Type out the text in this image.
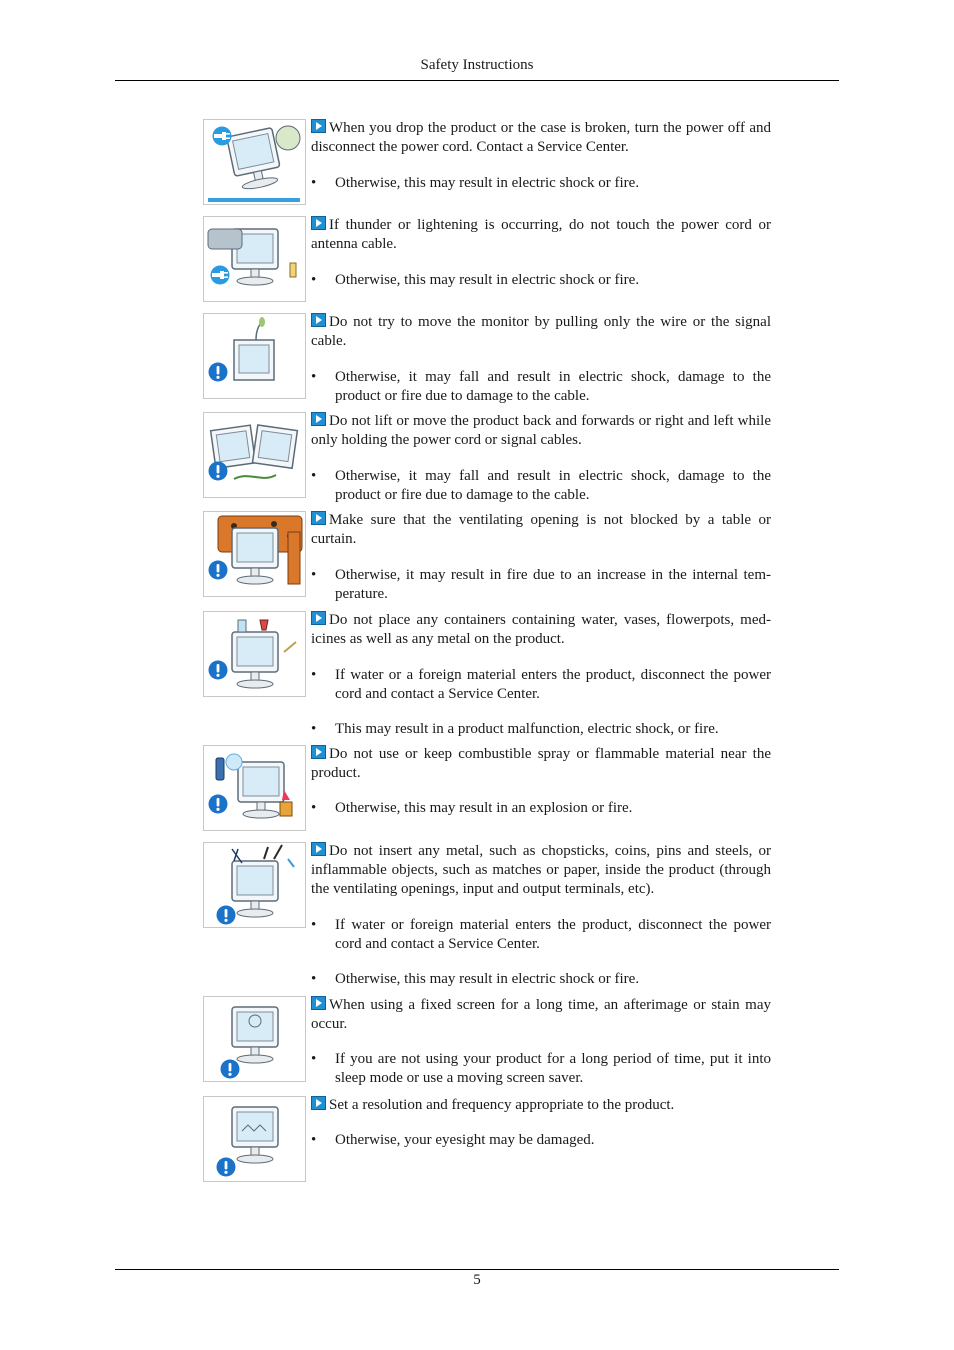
Safety Instructions

When you drop the product or the case is broken, turn the power off and disconnect the power cord. Contact a Service Center.

• Otherwise, this may result in electric shock or fire.

If thunder or lightening is occurring, do not touch the power cord or antenna cable.

• Otherwise, this may result in electric shock or fire.

Do not try to move the monitor by pulling only the wire or the signal cable.

• Otherwise, it may fall and result in electric shock, damage to the product or fire due to damage to the cable.

Do not lift or move the product back and forwards or right and left while only holding the power cord or signal cables.

• Otherwise, it may fall and result in electric shock, damage to the product or fire due to damage to the cable.

Make sure that the ventilating opening is not blocked by a table or curtain.

• Otherwise, it may result in fire due to an increase in the internal tem-perature.

Do not place any containers containing water, vases, flowerpots, med-icines as well as any metal on the product.

• If water or a foreign material enters the product, disconnect the power cord and contact a Service Center.

• This may result in a product malfunction, electric shock, or fire.

Do not use or keep combustible spray or flammable material near the product.

• Otherwise, this may result in an explosion or fire.

Do not insert any metal, such as chopsticks, coins, pins and steels, or inflammable objects, such as matches or paper, inside the product (through the ventilating openings, input and output terminals, etc).

• If water or foreign material enters the product, disconnect the power cord and contact a Service Center.

• Otherwise, this may result in electric shock or fire.

When using a fixed screen for a long time, an afterimage or stain may occur.

• If you are not using your product for a long period of time, put it into sleep mode or use a moving screen saver.

Set a resolution and frequency appropriate to the product.

• Otherwise, your eyesight may be damaged.

5
